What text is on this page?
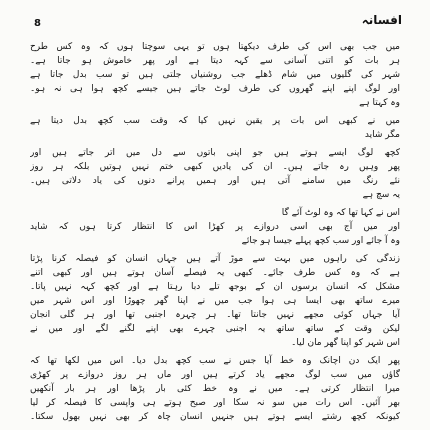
8	افسانہ
میں جب بھی اس کی طرف دیکھتا ہوں تو یہی سوچتا ہوں کہ وہ کس طرح
ہر بات کو اتنی آسانی سے کہہ دیتا ہے اور پھر خاموش ہو جاتا ہے۔
شہر کی گلیوں میں شام ڈھلے جب روشنیاں جلتی ہیں تو سب بدل جاتا ہے
اور لوگ اپنے اپنے گھروں کی طرف لوٹ جاتے ہیں جیسے کچھ ہوا ہی نہ ہو۔
وہ کہتا ہے
میں نے کبھی اس بات پر یقین نہیں کیا کہ وقت سب کچھ بدل دیتا ہے
مگر شاید
کچھ لوگ ایسے ہوتے ہیں جو اپنی باتوں سے دل میں اتر جاتے ہیں اور
پھر وہیں رہ جاتے ہیں۔ ان کی یادیں کبھی ختم نہیں ہوتیں بلکہ ہر روز
نئے رنگ میں سامنے آتی ہیں اور ہمیں پرانے دنوں کی یاد دلاتی ہیں۔
یہ سچ ہے
اس نے کہا تھا کہ وہ لوٹ آئے گا
اور میں آج بھی اسی دروازے پر کھڑا اس کا انتظار کرتا ہوں کہ شاید
وہ آ جائے اور سب کچھ پہلے جیسا ہو جائے
زندگی کی راہوں میں بہت سے موڑ آتے ہیں جہاں انسان کو فیصلہ کرنا پڑتا
ہے کہ وہ کس طرف جائے۔ کبھی یہ فیصلے آسان ہوتے ہیں اور کبھی اتنے
مشکل کہ انسان برسوں ان کے بوجھ تلے دبا رہتا ہے اور کچھ کہہ نہیں پاتا۔
میرے ساتھ بھی ایسا ہی ہوا جب میں نے اپنا گھر چھوڑا اور اس شہر میں
آیا جہاں کوئی مجھے نہیں جانتا تھا۔ ہر چہرہ اجنبی تھا اور ہر گلی انجان
لیکن وقت کے ساتھ ساتھ یہ اجنبی چہرے بھی اپنے لگنے لگے اور میں نے
اس شہر کو اپنا گھر مان لیا۔
پھر ایک دن اچانک وہ خط آیا جس نے سب کچھ بدل دیا۔ اس میں لکھا تھا کہ
گاؤں میں سب لوگ مجھے یاد کرتے ہیں اور ماں ہر روز دروازے پر کھڑی
میرا انتظار کرتی ہے۔ میں نے وہ خط کئی بار پڑھا اور ہر بار آنکھیں
بھر آئیں۔ اس رات میں سو نہ سکا اور صبح ہوتے ہی واپسی کا فیصلہ کر لیا
کیونکہ کچھ رشتے ایسے ہوتے ہیں جنہیں انسان چاہ کر بھی نہیں بھول سکتا۔
